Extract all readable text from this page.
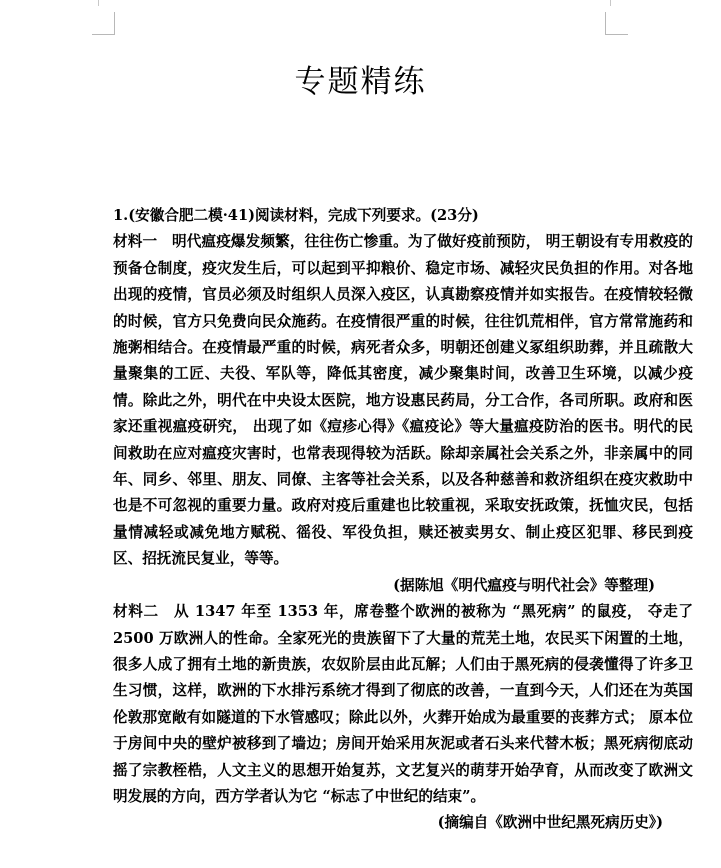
专题精练

1.(安徽合肥二模·41)阅读材料，完成下列要求。(23分)

材料一　明代瘟疫爆发频繁，往往伤亡惨重。为了做好疫前预防， 明王朝设有专用救疫的预备仓制度，疫灾发生后，可以起到平抑粮价、稳定市场、减轻灾民负担的作用。对各地出现的疫情，官员必须及时组织人员深入疫区，认真勘察疫情并如实报告。在疫情较轻微的时候，官方只免费向民众施药。在疫情很严重的时候，往往饥荒相伴，官方常常施药和施粥相结合。在疫情最严重的时候，病死者众多，明朝还创建义冢组织助葬，并且疏散大量聚集的工匠、夫役、军队等，降低其密度，减少聚集时间，改善卫生环境，以减少疫情。除此之外，明代在中央设太医院，地方设惠民药局，分工合作，各司所职。政府和医家还重视瘟疫研究， 出现了如《痘疹心得》《瘟疫论》等大量瘟疫防治的医书。明代的民间救助在应对瘟疫灾害时，也常表现得较为活跃。除却亲属社会关系之外，非亲属中的同年、同乡、邻里、朋友、同僚、主客等社会关系，以及各种慈善和救济组织在疫灾救助中也是不可忽视的重要力量。政府对疫后重建也比较重视，采取安抚政策，抚恤灾民，包括量情减轻或减免地方赋税、徭役、军役负担，赎还被卖男女、制止疫区犯罪、移民到疫区、招抚流民复业，等等。

(据陈旭《明代瘟疫与明代社会》等整理)

材料二　从 1347 年至 1353 年，席卷整个欧洲的被称为 “黑死病” 的鼠疫， 夺走了 2500 万欧洲人的性命。全家死光的贵族留下了大量的荒芜土地，农民买下闲置的土地，很多人成了拥有土地的新贵族，农奴阶层由此瓦解；人们由于黑死病的侵袭懂得了许多卫生习惯，这样，欧洲的下水排污系统才得到了彻底的改善，一直到今天，人们还在为英国伦敦那宽敞有如隧道的下水管感叹；除此以外，火葬开始成为最重要的丧葬方式； 原本位于房间中央的壁炉被移到了墙边；房间开始采用灰泥或者石头来代替木板；黑死病彻底动摇了宗教桎梏，人文主义的思想开始复苏，文艺复兴的萌芽开始孕育，从而改变了欧洲文明发展的方向，西方学者认为它 “标志了中世纪的结束”。

(摘编自《欧洲中世纪黑死病历史》)
